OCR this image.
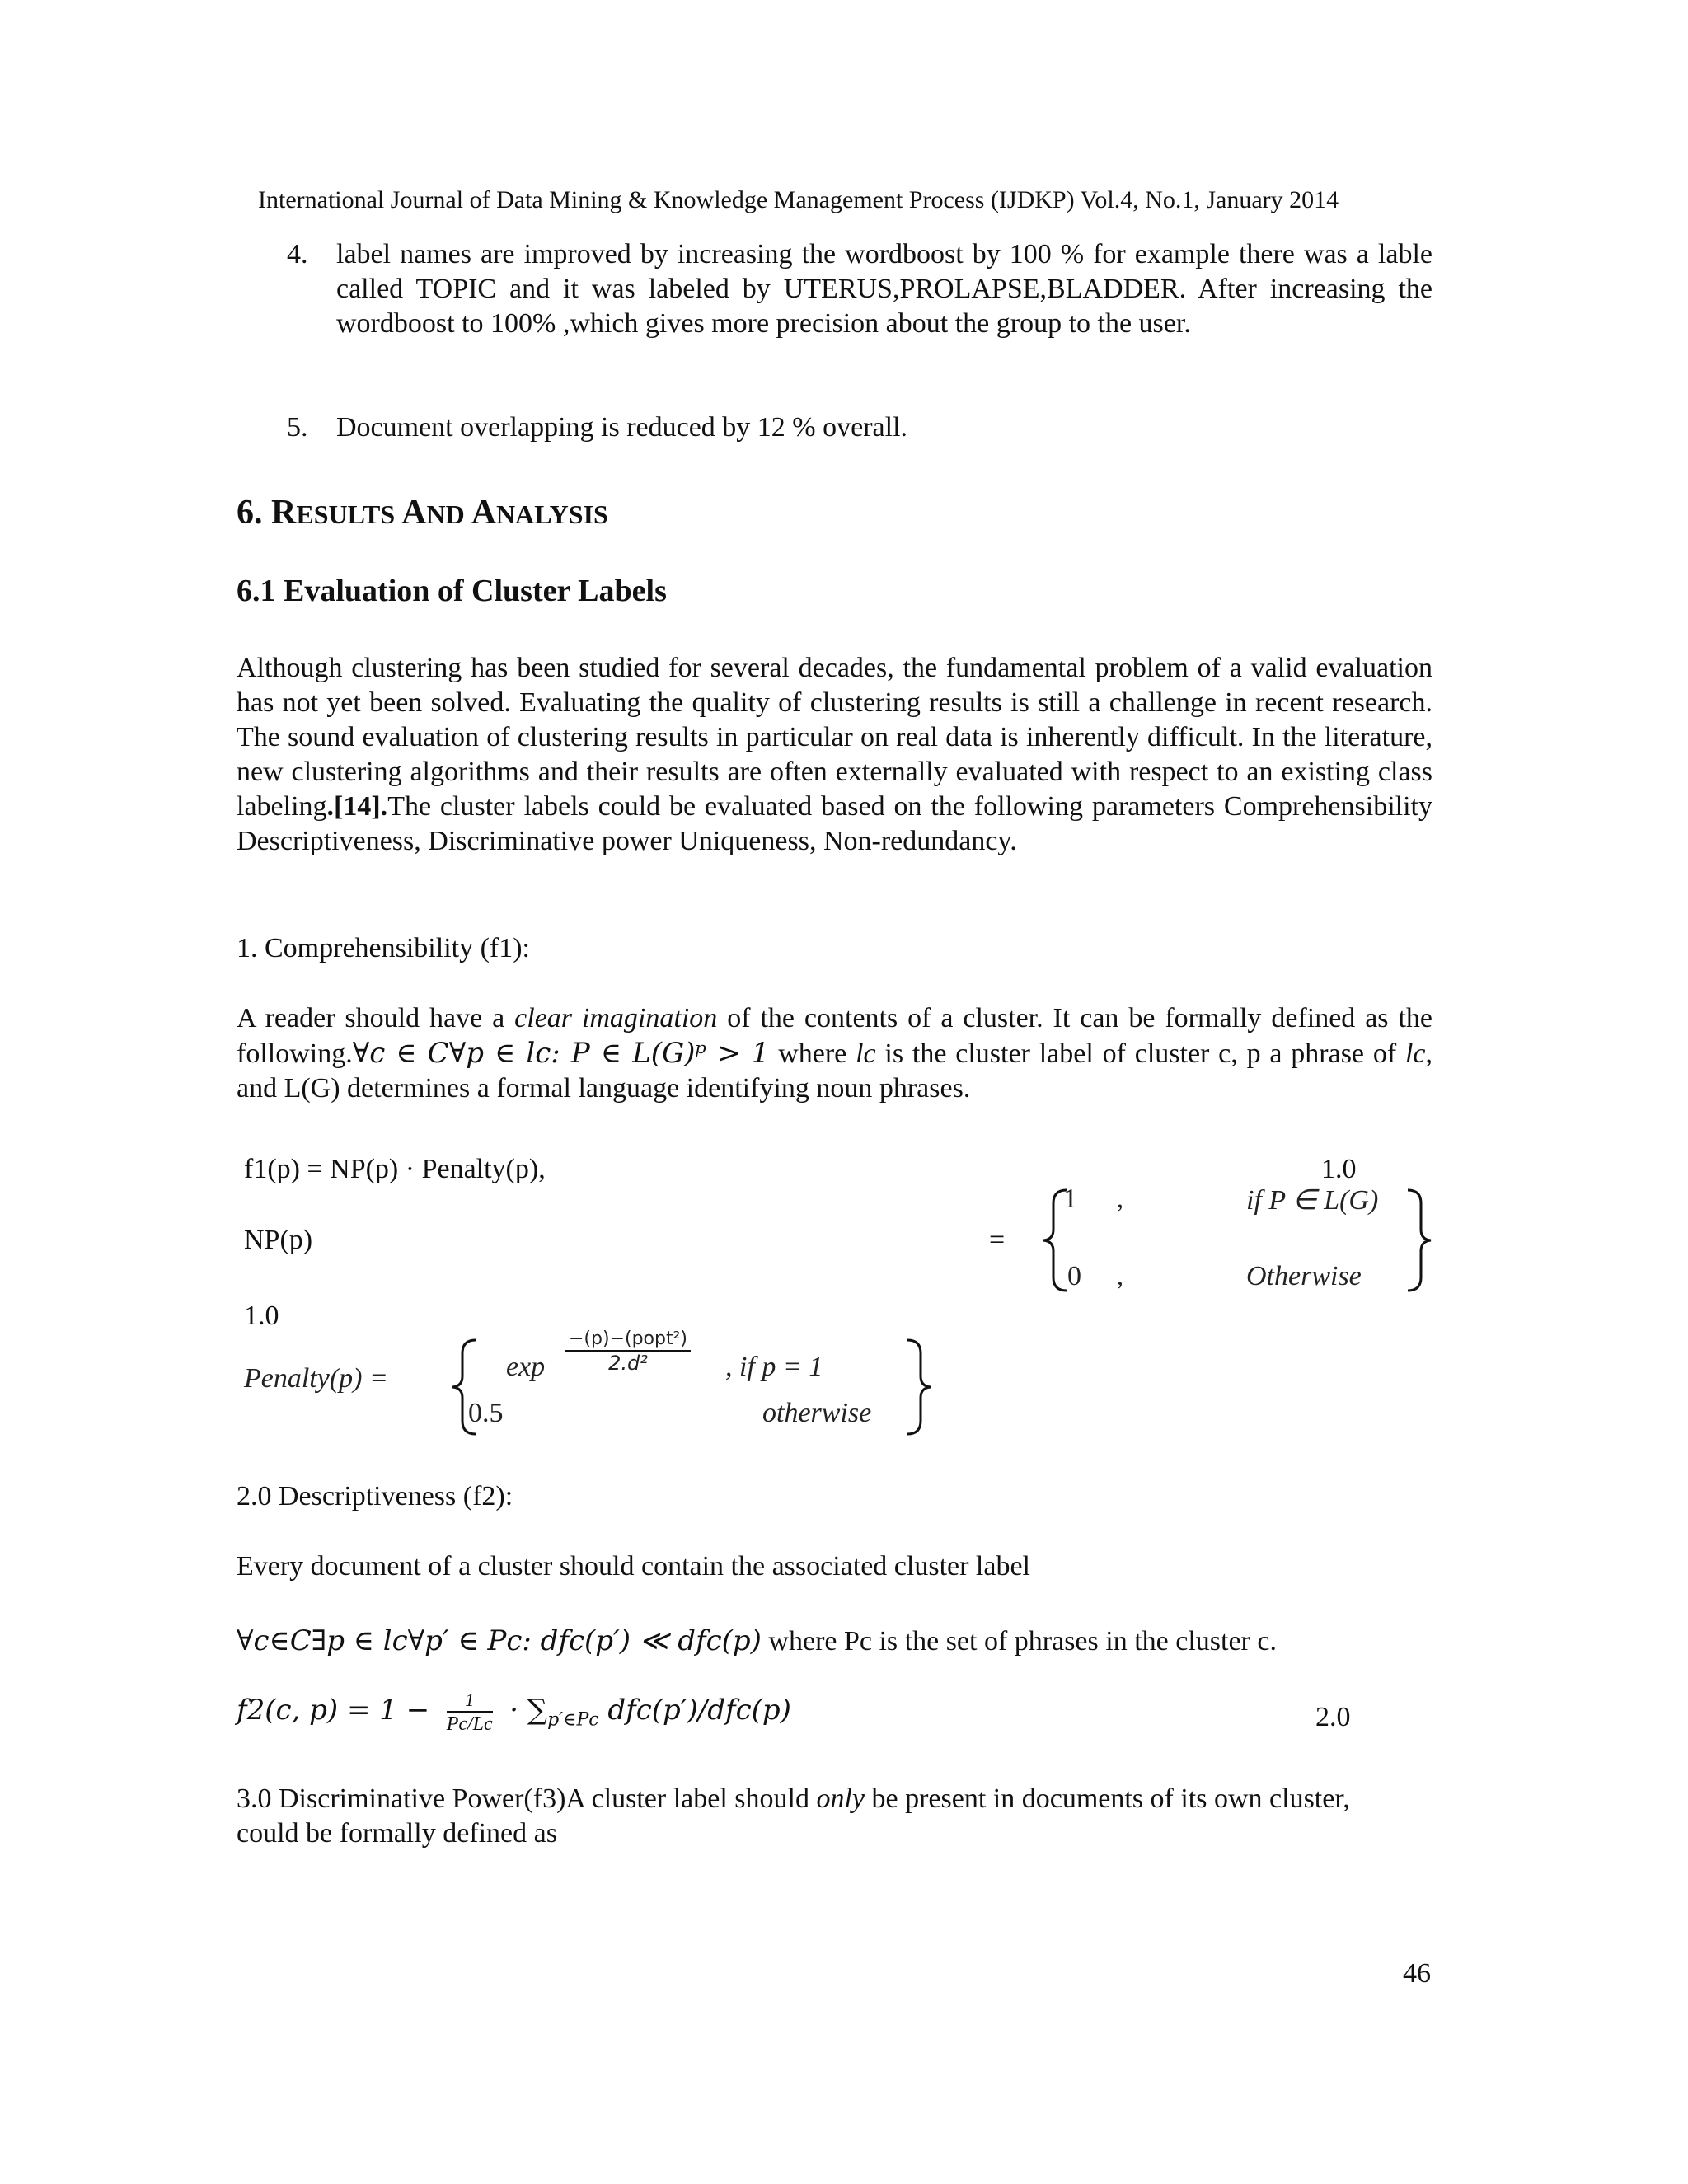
International Journal of Data Mining & Knowledge Management Process (IJDKP) Vol.4, No.1, January 2014
4. label names are improved by increasing the wordboost by 100 % for example there was a lable called TOPIC and it was labeled by UTERUS,PROLAPSE,BLADDER. After increasing the wordboost to 100% ,which gives more precision about the group to the user.
5. Document overlapping is reduced by 12 % overall.
6. RESULTS AND ANALYSIS
6.1 Evaluation of Cluster Labels
Although clustering has been studied for several decades, the fundamental problem of a valid evaluation has not yet been solved. Evaluating the quality of clustering results is still a challenge in recent research. The sound evaluation of clustering results in particular on real data is inherently difficult. In the literature, new clustering algorithms and their results are often externally evaluated with respect to an existing class labeling.[14].The cluster labels could be evaluated based on the following parameters Comprehensibility Descriptiveness, Discriminative power Uniqueness, Non-redundancy.
1. Comprehensibility (f1):
A reader should have a clear imagination of the contents of a cluster. It can be formally defined as the following.∀c ∈ C∀p ∈ lc: P ∈ L(G)ᵖ > 1 where lc is the cluster label of cluster c, p a phrase of lc, and L(G) determines a formal language identifying noun phrases.
f1(p) = NP(p) · Penalty(p),	1.0
NP(p)	=
1 ,	if P ∈ L(G)
0 ,	Otherwise
1.0
Penalty(p) =	$\exp \frac{\text{−(p)−(popt²)}}{\text{2.d²}}$ , if p = 1
0.5	otherwise
2.0 Descriptiveness (f2):
Every document of a cluster should contain the associated cluster label
∀c∈C∃p ∈ lc∀p′ ∈ Pc: dfc(p′) ≪ dfc(p) where Pc is the set of phrases in the cluster c.
f2(c, $p) = 1 - \frac{1}{Pc/Lc} \cdot \sum_{p'\in Pc}$ dfc(p′)/dfc(p)	2.0
3.0 Discriminative Power(f3)A cluster label should only be present in documents of its own cluster, could be formally defined as
46
